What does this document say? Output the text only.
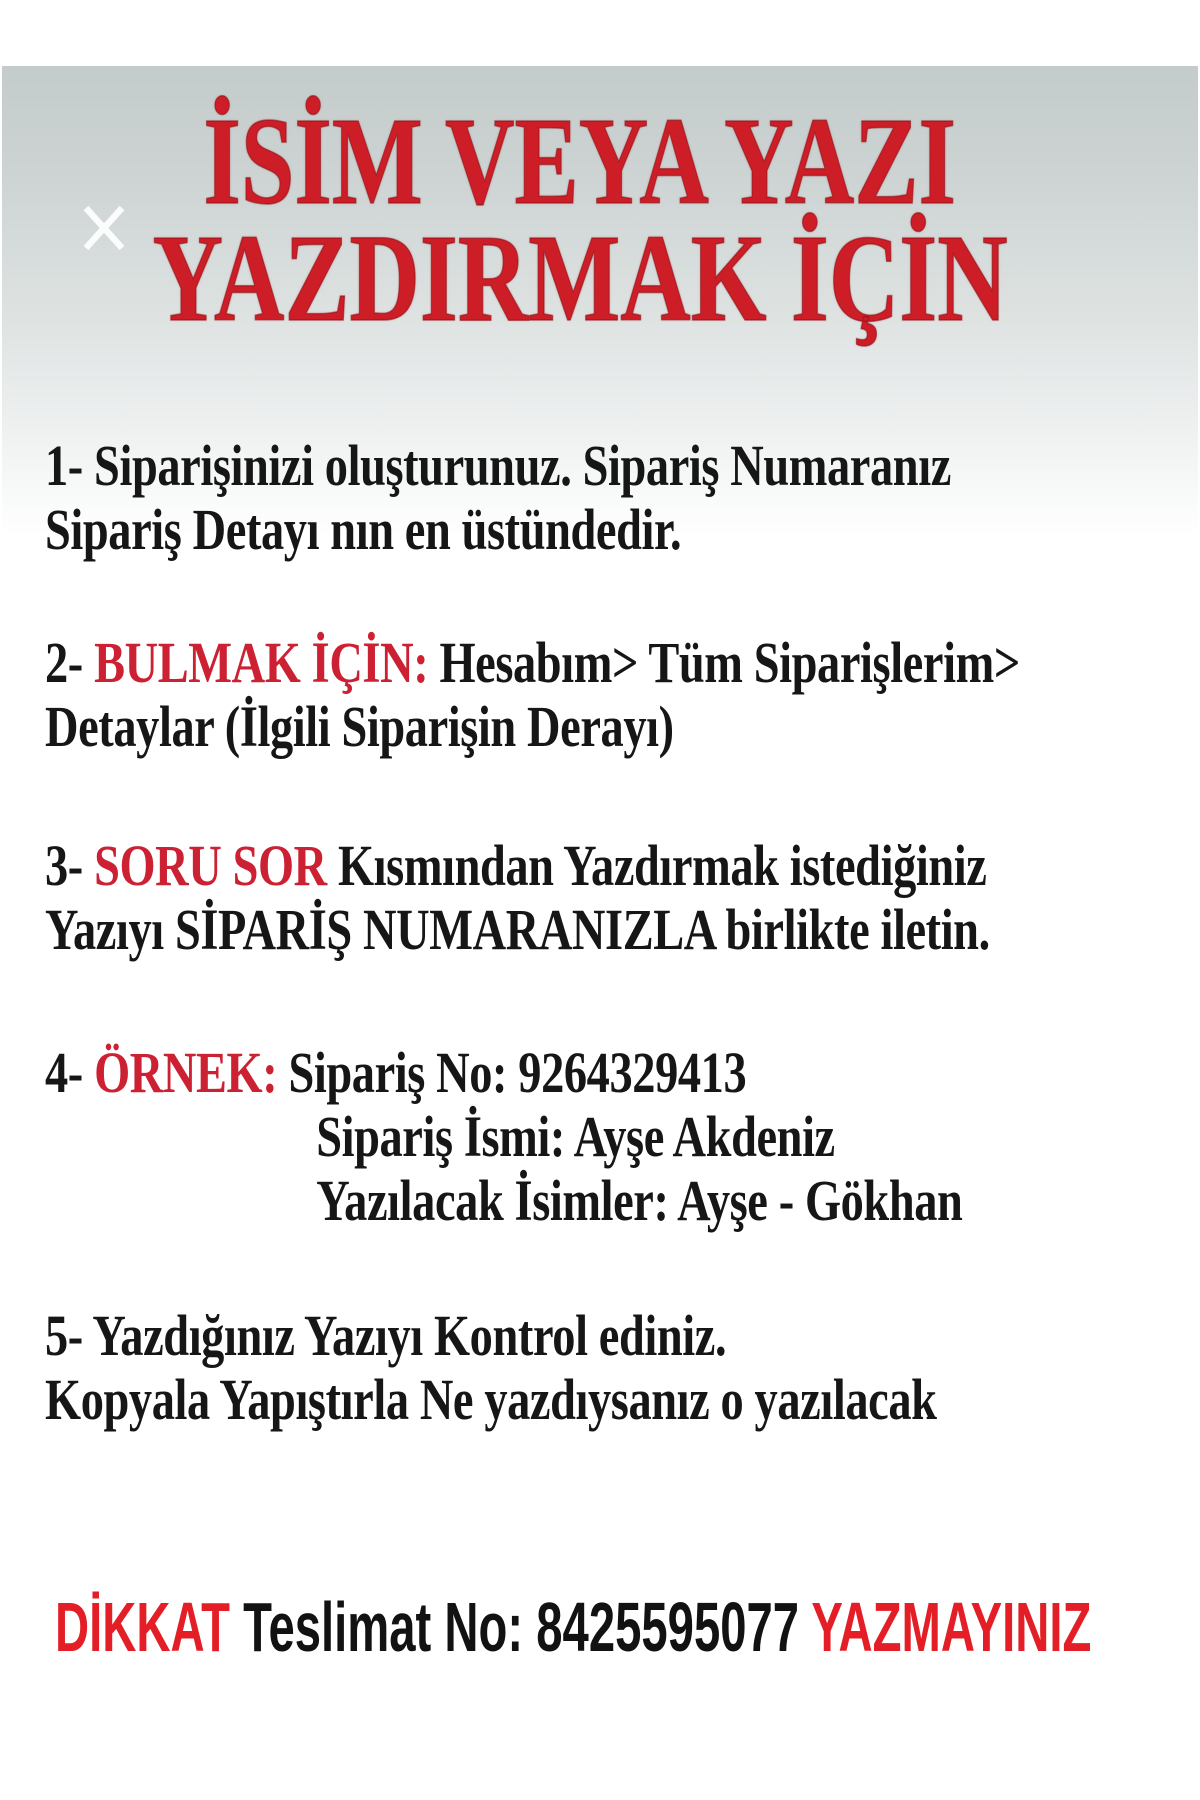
İSİM VEYA YAZI
YAZDIRMAK İÇİN
1- Siparişinizi oluşturunuz. Sipariş Numaranız
Sipariş Detayı nın en üstündedir.
2- BULMAK İÇİN: Hesabım> Tüm Siparişlerim>
Detaylar (İlgili Siparişin Derayı)
3- SORU SOR Kısmından Yazdırmak istediğiniz
Yazıyı SİPARİŞ NUMARANIZLA birlikte iletin.
4- ÖRNEK: Sipariş No: 9264329413
Sipariş İsmi: Ayşe Akdeniz
Yazılacak İsimler: Ayşe - Gökhan
5- Yazdığınız Yazıyı Kontrol ediniz.
Kopyala Yapıştırla Ne yazdıysanız o yazılacak
DİKKAT Teslimat No: 8425595077 YAZMAYINIZ
